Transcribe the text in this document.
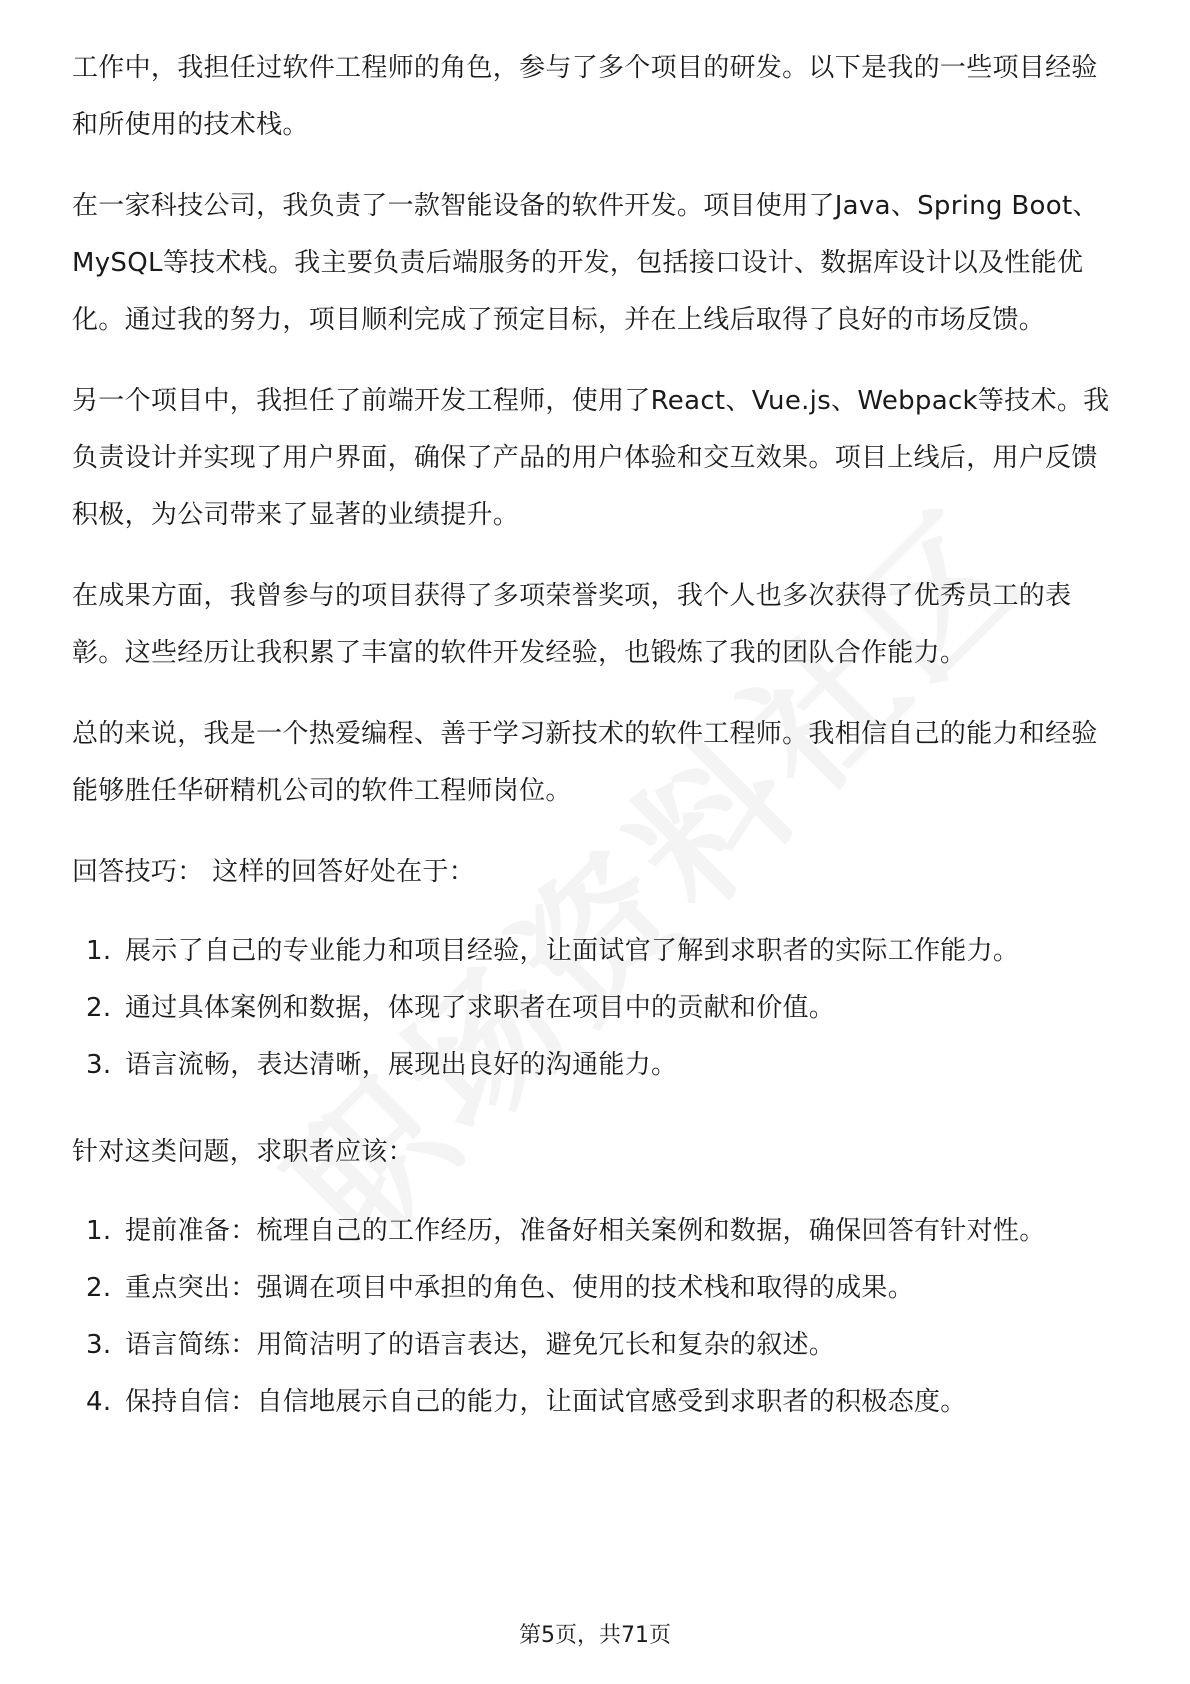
工作中，我担任过软件工程师的角色，参与了多个项目的研发。以下是我的一些项目经验和所使用的技术栈。

在一家科技公司，我负责了一款智能设备的软件开发。项目使用了Java、Spring Boot、MySQL等技术栈。我主要负责后端服务的开发，包括接口设计、数据库设计以及性能优化。通过我的努力，项目顺利完成了预定目标，并在上线后取得了良好的市场反馈。

另一个项目中，我担任了前端开发工程师，使用了React、Vue.js、Webpack等技术。我负责设计并实现了用户界面，确保了产品的用户体验和交互效果。项目上线后，用户反馈积极，为公司带来了显著的业绩提升。

在成果方面，我曾参与的项目获得了多项荣誉奖项，我个人也多次获得了优秀员工的表彰。这些经历让我积累了丰富的软件开发经验，也锻炼了我的团队合作能力。

总的来说，我是一个热爱编程、善于学习新技术的软件工程师。我相信自己的能力和经验能够胜任华研精机公司的软件工程师岗位。

回答技巧： 这样的回答好处在于：

1. 展示了自己的专业能力和项目经验，让面试官了解到求职者的实际工作能力。
2. 通过具体案例和数据，体现了求职者在项目中的贡献和价值。
3. 语言流畅，表达清晰，展现出良好的沟通能力。

针对这类问题，求职者应该：

1. 提前准备：梳理自己的工作经历，准备好相关案例和数据，确保回答有针对性。
2. 重点突出：强调在项目中承担的角色、使用的技术栈和取得的成果。
3. 语言简练：用简洁明了的语言表达，避免冗长和复杂的叙述。
4. 保持自信：自信地展示自己的能力，让面试官感受到求职者的积极态度。
第5页，共71页
